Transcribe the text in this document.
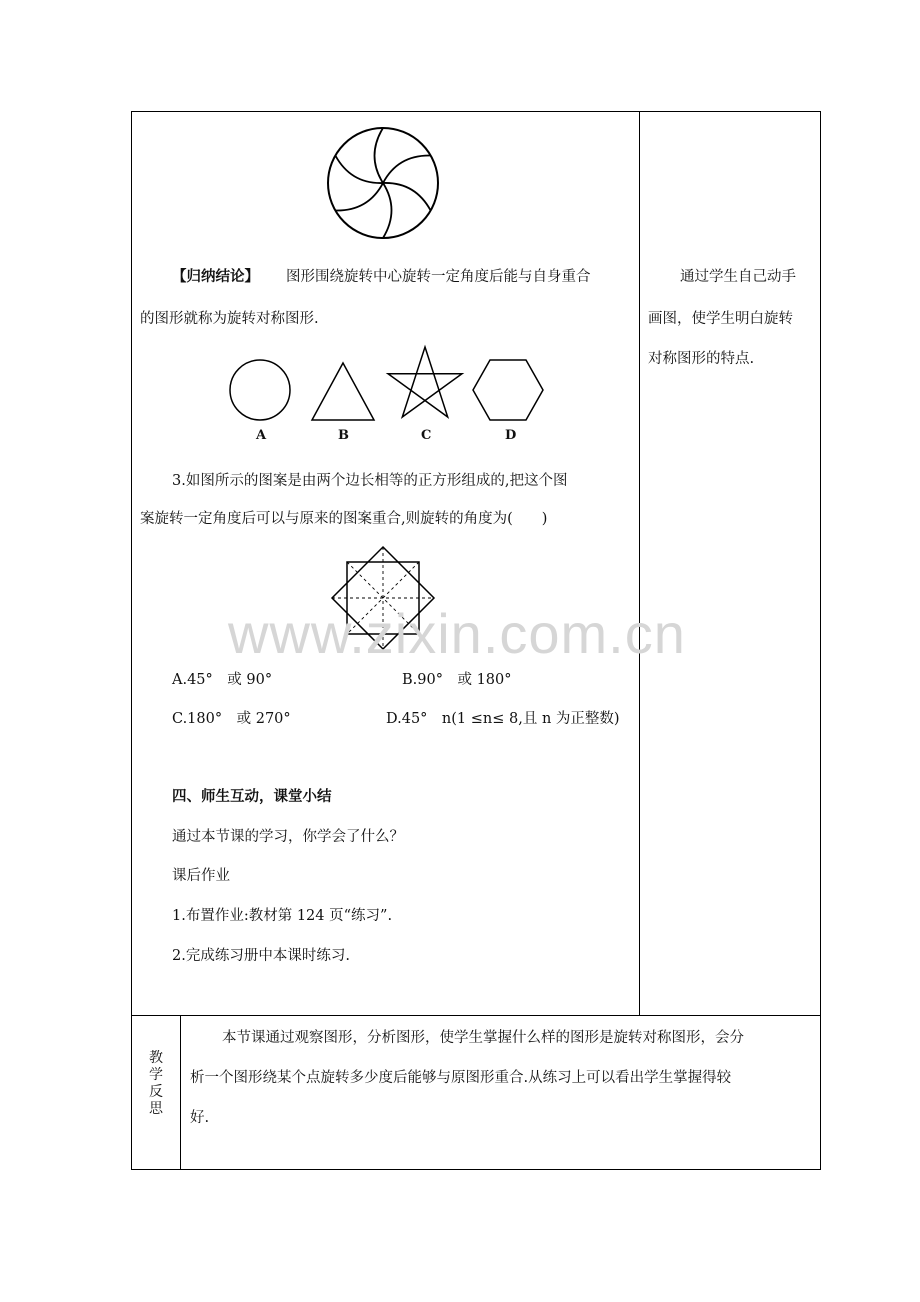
【归纳结论】 图形围绕旋转中心旋转一定角度后能与自身重合
的图形就称为旋转对称图形.
通过学生自己动手
画图，使学生明白旋转
对称图形的特点.
A	B	C	D
3.如图所示的图案是由两个边长相等的正方形组成的,把这个图
案旋转一定角度后可以与原来的图案重合,则旋转的角度为(　　)
www.zixin.com.cn
A.45°　或 90°	B.90°　或 180°
C.180°　或 270°	D.45°　n(1 ≤n≤ 8,且 n 为正整数)
四、师生互动，课堂小结
通过本节课的学习，你学会了什么？
课后作业
1.布置作业:教材第 124 页“练习”.
2.完成练习册中本课时练习.
教学反思
本节课通过观察图形，分析图形，使学生掌握什么样的图形是旋转对称图形，会分
析一个图形绕某个点旋转多少度后能够与原图形重合.从练习上可以看出学生掌握得较
好.
